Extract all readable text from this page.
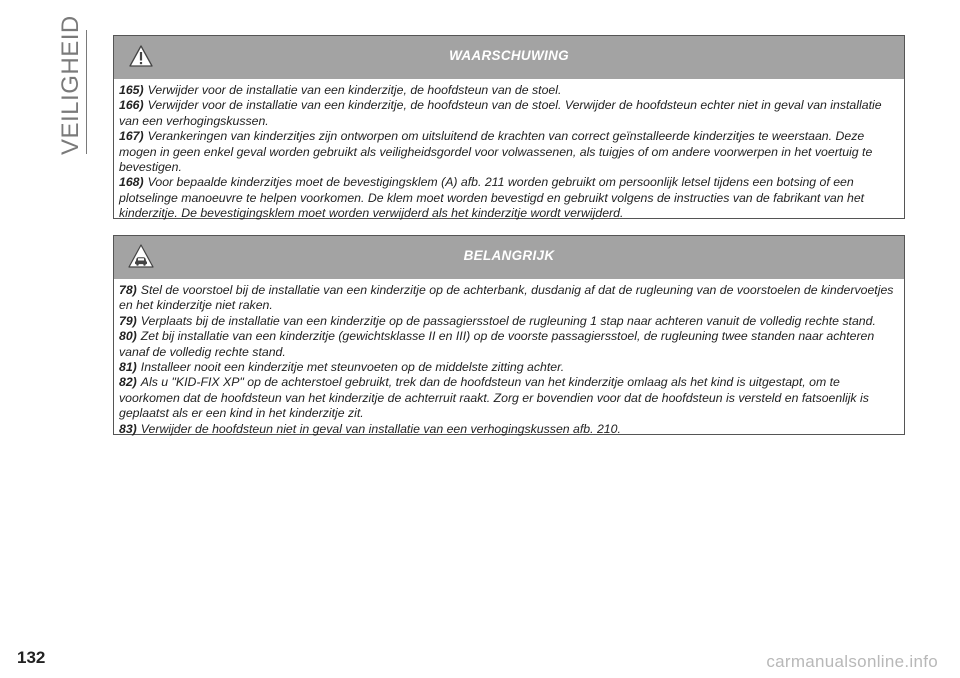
VEILIGHEID	WAARSCHUWING

165) Verwijder voor de installatie van een kinderzitje, de hoofdsteun van de stoel.

166) Verwijder voor de installatie van een kinderzitje, de hoofdsteun van de stoel. Verwijder de hoofdsteun echter niet in geval van installatie van een verhogingskussen.

167) Verankeringen van kinderzitjes zijn ontworpen om uitsluitend de krachten van correct geïnstalleerde kinderzitjes te weerstaan. Deze mogen in geen enkel geval worden gebruikt als veiligheidsgordel voor volwassenen, als tuigjes of om andere voorwerpen in het voertuig te bevestigen.

168) Voor bepaalde kinderzitjes moet de bevestigingsklem (A) afb. 211 worden gebruikt om persoonlijk letsel tijdens een botsing of een plotselinge manoeuvre te helpen voorkomen. De klem moet worden bevestigd en gebruikt volgens de instructies van de fabrikant van het kinderzitje. De bevestigingsklem moet worden verwijderd als het kinderzitje wordt verwijderd.

BELANGRIJK

78) Stel de voorstoel bij de installatie van een kinderzitje op de achterbank, dusdanig af dat de rugleuning van de voorstoelen de kindervoetjes en het kinderzitje niet raken.

79) Verplaats bij de installatie van een kinderzitje op de passagiersstoel de rugleuning 1 stap naar achteren vanuit de volledig rechte stand.

80) Zet bij installatie van een kinderzitje (gewichtsklasse II en III) op de voorste passagiersstoel, de rugleuning twee standen naar achteren vanaf de volledig rechte stand.

81) Installeer nooit een kinderzitje met steunvoeten op de middelste zitting achter.

82) Als u "KID-FIX XP" op de achterstoel gebruikt, trek dan de hoofdsteun van het kinderzitje omlaag als het kind is uitgestapt, om te voorkomen dat de hoofdsteun van het kinderzitje de achterruit raakt. Zorg er bovendien voor dat de hoofdsteun is versteld en fatsoenlijk is geplaatst als er een kind in het kinderzitje zit.

83) Verwijder de hoofdsteun niet in geval van installatie van een verhogingskussen afb. 210.

132	carmanualsonline.info
